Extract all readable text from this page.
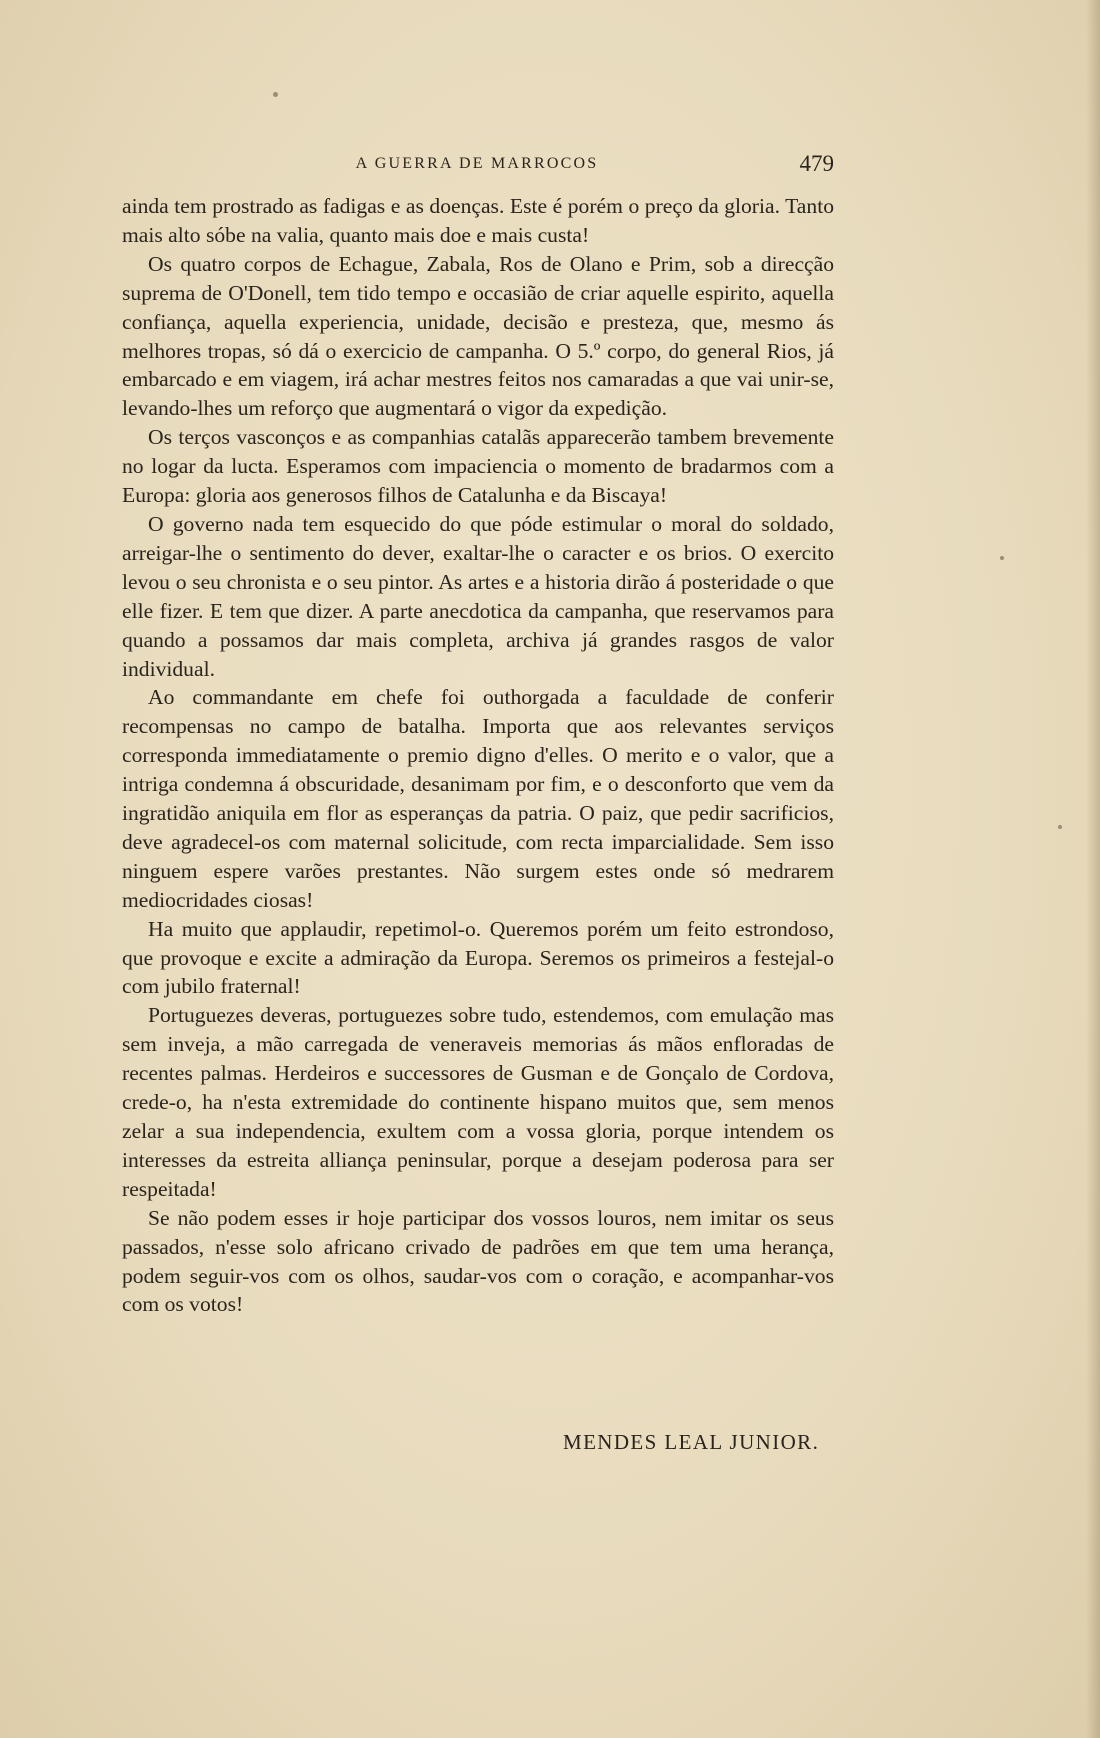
A GUERRA DE MARROCOS	479

ainda tem prostrado as fadigas e as doenças. Este é porém o preço da gloria. Tanto mais alto sóbe na valia, quanto mais doe e mais custa!

Os quatro corpos de Echague, Zabala, Ros de Olano e Prim, sob a direcção suprema de O'Donell, tem tido tempo e occasião de criar aquelle espirito, aquella confiança, aquella experiencia, unidade, decisão e presteza, que, mesmo ás melhores tropas, só dá o exercicio de campanha. O 5.º corpo, do general Rios, já embarcado e em viagem, irá achar mestres feitos nos camaradas a que vai unir-se, levando-lhes um reforço que augmentará o vigor da expedição.

Os terços vasconços e as companhias catalãs apparecerão tambem brevemente no logar da lucta. Esperamos com impaciencia o momento de bradarmos com a Europa: gloria aos generosos filhos de Catalunha e da Biscaya!

O governo nada tem esquecido do que póde estimular o moral do soldado, arreigar-lhe o sentimento do dever, exaltar-lhe o caracter e os brios. O exercito levou o seu chronista e o seu pintor. As artes e a historia dirão á posteridade o que elle fizer. E tem que dizer. A parte anecdotica da campanha, que reservamos para quando a possamos dar mais completa, archiva já grandes rasgos de valor individual.

Ao commandante em chefe foi outhorgada a faculdade de conferir recompensas no campo de batalha. Importa que aos relevantes serviços corresponda immediatamente o premio digno d'elles. O merito e o valor, que a intriga condemna á obscuridade, desanimam por fim, e o desconforto que vem da ingratidão aniquila em flor as esperanças da patria. O paiz, que pedir sacrificios, deve agradecel-os com maternal solicitude, com recta imparcialidade. Sem isso ninguem espere varões prestantes. Não surgem estes onde só medrarem mediocridades ciosas!

Ha muito que applaudir, repetimol-o. Queremos porém um feito estrondoso, que provoque e excite a admiração da Europa. Seremos os primeiros a festejal-o com jubilo fraternal!

Portuguezes deveras, portuguezes sobre tudo, estendemos, com emulação mas sem inveja, a mão carregada de veneraveis memorias ás mãos enfloradas de recentes palmas. Herdeiros e successores de Gusman e de Gonçalo de Cordova, crede-o, ha n'esta extremidade do continente hispano muitos que, sem menos zelar a sua independencia, exultem com a vossa gloria, porque intendem os interesses da estreita alliança peninsular, porque a desejam poderosa para ser respeitada!

Se não podem esses ir hoje participar dos vossos louros, nem imitar os seus passados, n'esse solo africano crivado de padrões em que tem uma herança, podem seguir-vos com os olhos, saudar-vos com o coração, e acompanhar-vos com os votos!

MENDES LEAL JUNIOR.
